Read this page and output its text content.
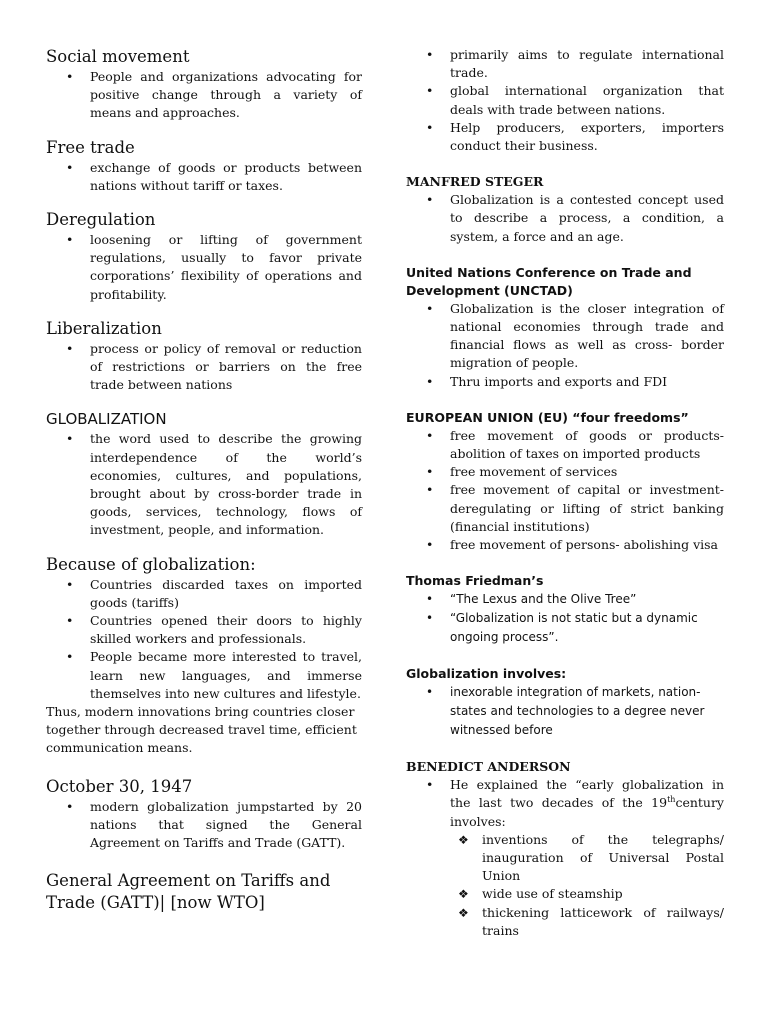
Social movement
• People and organizations advocating for positive change through a variety of means and approaches.
Free trade
• exchange of goods or products between nations without tariff or taxes.
Deregulation
• loosening or lifting of government regulations, usually to favor private corporations’ flexibility of operations and profitability.
Liberalization
• process or policy of removal or reduction of restrictions or barriers on the free trade between nations
GLOBALIZATION
• the word used to describe the growing interdependence of the world’s economies, cultures, and populations, brought about by cross-border trade in goods, services, technology, flows of investment, people, and information.
Because of globalization:
• Countries discarded taxes on imported goods (tariffs)
• Countries opened their doors to highly skilled workers and professionals.
• People became more interested to travel, learn new languages, and immerse themselves into new cultures and lifestyle.

Thus, modern innovations bring countries closer together through decreased travel time, efficient communication means.

October 30, 1947
• modern globalization jumpstarted by 20 nations that signed the General Agreement on Tariffs and Trade (GATT).
General Agreement on Tariffs and Trade (GATT)| [now WTO]
• primarily aims to regulate international trade.
• global international organization that deals with trade between nations.
• Help producers, exporters, importers conduct their business.
MANFRED STEGER
• Globalization is a contested concept used to describe a process, a condition, a system, a force and an age.
United Nations Conference on Trade and Development (UNCTAD)
• Globalization is the closer integration of national economies through trade and financial flows as well as cross- border migration of people.
• Thru imports and exports and FDI
EUROPEAN UNION (EU) “four freedoms”
• free movement of goods or products- abolition of taxes on imported products
• free movement of services
• free movement of capital or investment- deregulating or lifting of strict banking (financial institutions)
• free movement of persons- abolishing visa
Thomas Friedman’s
• “The Lexus and the Olive Tree”
• “Globalization is not static but a dynamic ongoing process”.
Globalization involves:
• inexorable integration of markets, nation-states and technologies to a degree never witnessed before
BENEDICT ANDERSON
• He explained the “early globalization in the last two decades of the 19thcentury involves:
❖ inventions of the telegraphs/ inauguration of Universal Postal Union
❖ wide use of steamship
❖ thickening latticework of railways/ trains
